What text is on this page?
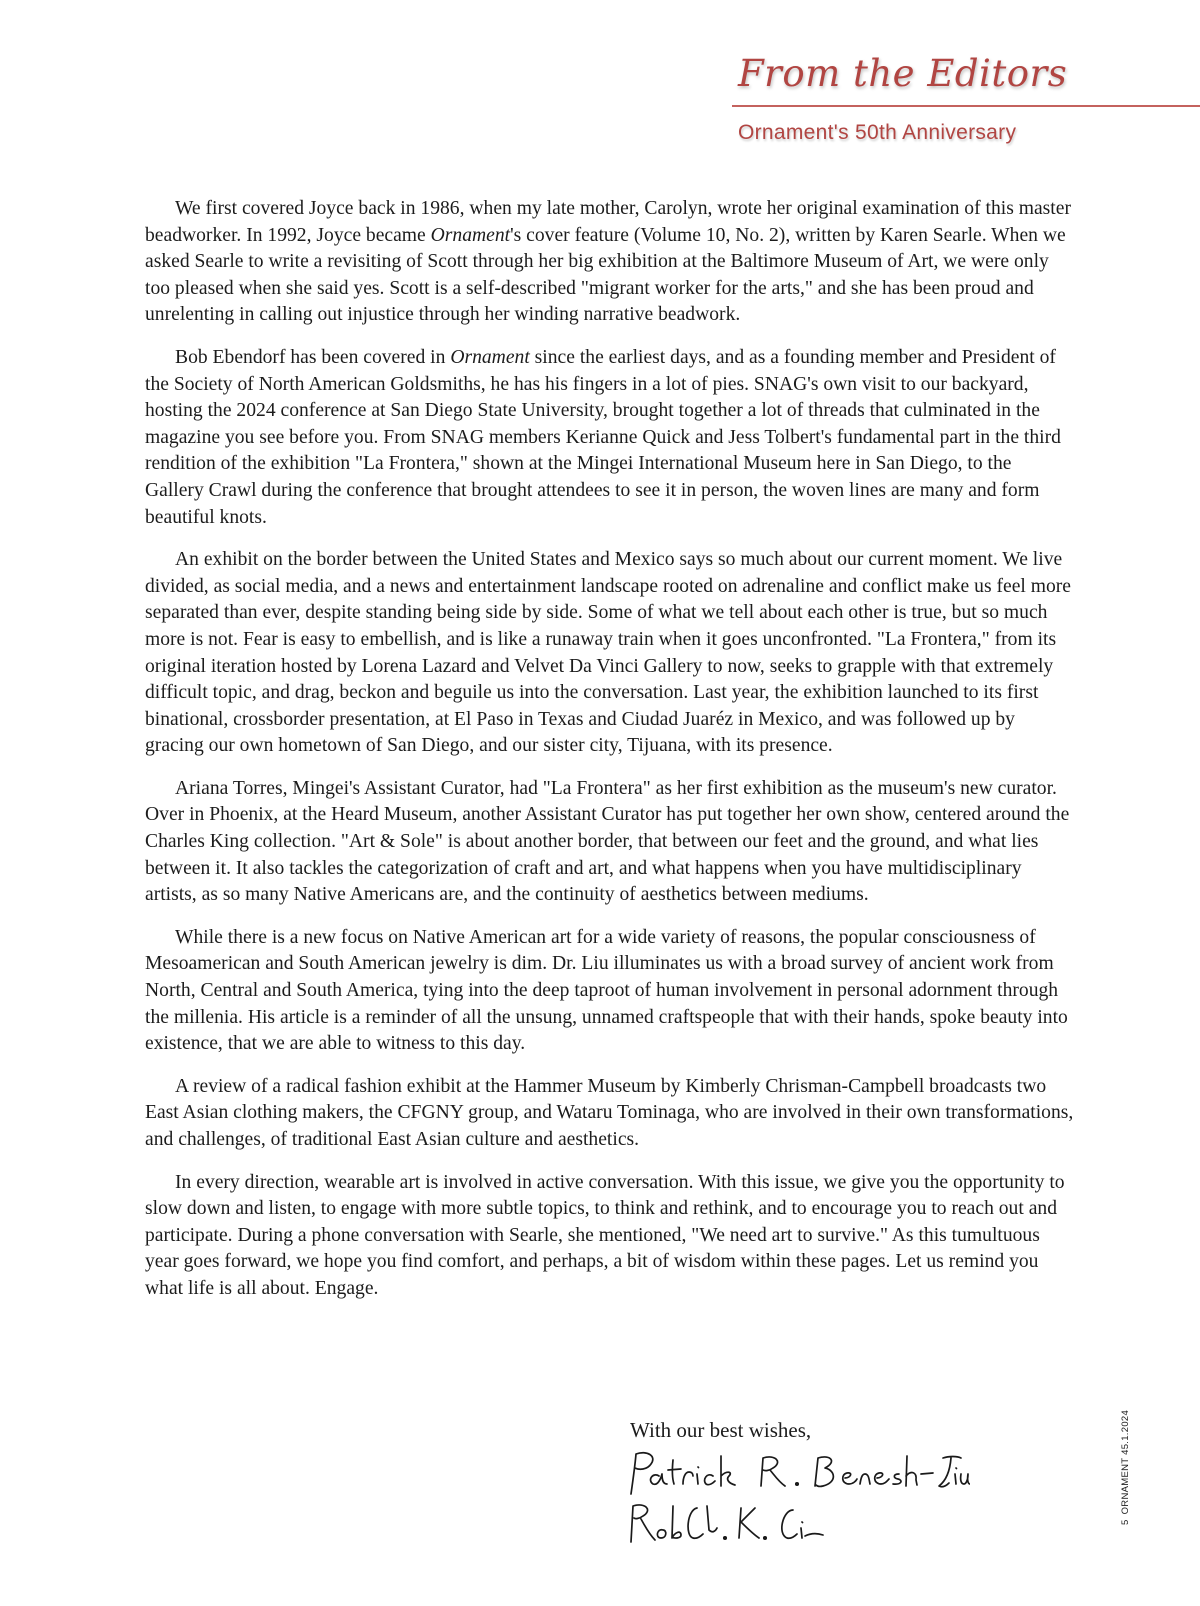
From the Editors
Ornament's 50th Anniversary

We first covered Joyce back in 1986, when my late mother, Carolyn, wrote her original examination of this master beadworker. In 1992, Joyce became Ornament's cover feature (Volume 10, No. 2), written by Karen Searle. When we asked Searle to write a revisiting of Scott through her big exhibition at the Baltimore Museum of Art, we were only too pleased when she said yes. Scott is a self-described "migrant worker for the arts," and she has been proud and unrelenting in calling out injustice through her winding narrative beadwork.

Bob Ebendorf has been covered in Ornament since the earliest days, and as a founding member and President of the Society of North American Goldsmiths, he has his fingers in a lot of pies. SNAG's own visit to our backyard, hosting the 2024 conference at San Diego State University, brought together a lot of threads that culminated in the magazine you see before you. From SNAG members Kerianne Quick and Jess Tolbert's fundamental part in the third rendition of the exhibition "La Frontera," shown at the Mingei International Museum here in San Diego, to the Gallery Crawl during the conference that brought attendees to see it in person, the woven lines are many and form beautiful knots.

An exhibit on the border between the United States and Mexico says so much about our current moment. We live divided, as social media, and a news and entertainment landscape rooted on adrenaline and conflict make us feel more separated than ever, despite standing being side by side. Some of what we tell about each other is true, but so much more is not. Fear is easy to embellish, and is like a runaway train when it goes unconfronted. "La Frontera," from its original iteration hosted by Lorena Lazard and Velvet Da Vinci Gallery to now, seeks to grapple with that extremely difficult topic, and drag, beckon and beguile us into the conversation. Last year, the exhibition launched to its first binational, crossborder presentation, at El Paso in Texas and Ciudad Juaréz in Mexico, and was followed up by gracing our own hometown of San Diego, and our sister city, Tijuana, with its presence.

Ariana Torres, Mingei's Assistant Curator, had "La Frontera" as her first exhibition as the museum's new curator. Over in Phoenix, at the Heard Museum, another Assistant Curator has put together her own show, centered around the Charles King collection. "Art & Sole" is about another border, that between our feet and the ground, and what lies between it. It also tackles the categorization of craft and art, and what happens when you have multidisciplinary artists, as so many Native Americans are, and the continuity of aesthetics between mediums.

While there is a new focus on Native American art for a wide variety of reasons, the popular consciousness of Mesoamerican and South American jewelry is dim. Dr. Liu illuminates us with a broad survey of ancient work from North, Central and South America, tying into the deep taproot of human involvement in personal adornment through the millenia. His article is a reminder of all the unsung, unnamed craftspeople that with their hands, spoke beauty into existence, that we are able to witness to this day.

A review of a radical fashion exhibit at the Hammer Museum by Kimberly Chrisman-Campbell broadcasts two East Asian clothing makers, the CFGNY group, and Wataru Tominaga, who are involved in their own transformations, and challenges, of traditional East Asian culture and aesthetics.

In every direction, wearable art is involved in active conversation. With this issue, we give you the opportunity to slow down and listen, to engage with more subtle topics, to think and rethink, and to encourage you to reach out and participate. During a phone conversation with Searle, she mentioned, "We need art to survive." As this tumultuous year goes forward, we hope you find comfort, and perhaps, a bit of wisdom within these pages. Let us remind you what life is all about. Engage.

With our best wishes,
5ORNAMENT 45.1.2024
